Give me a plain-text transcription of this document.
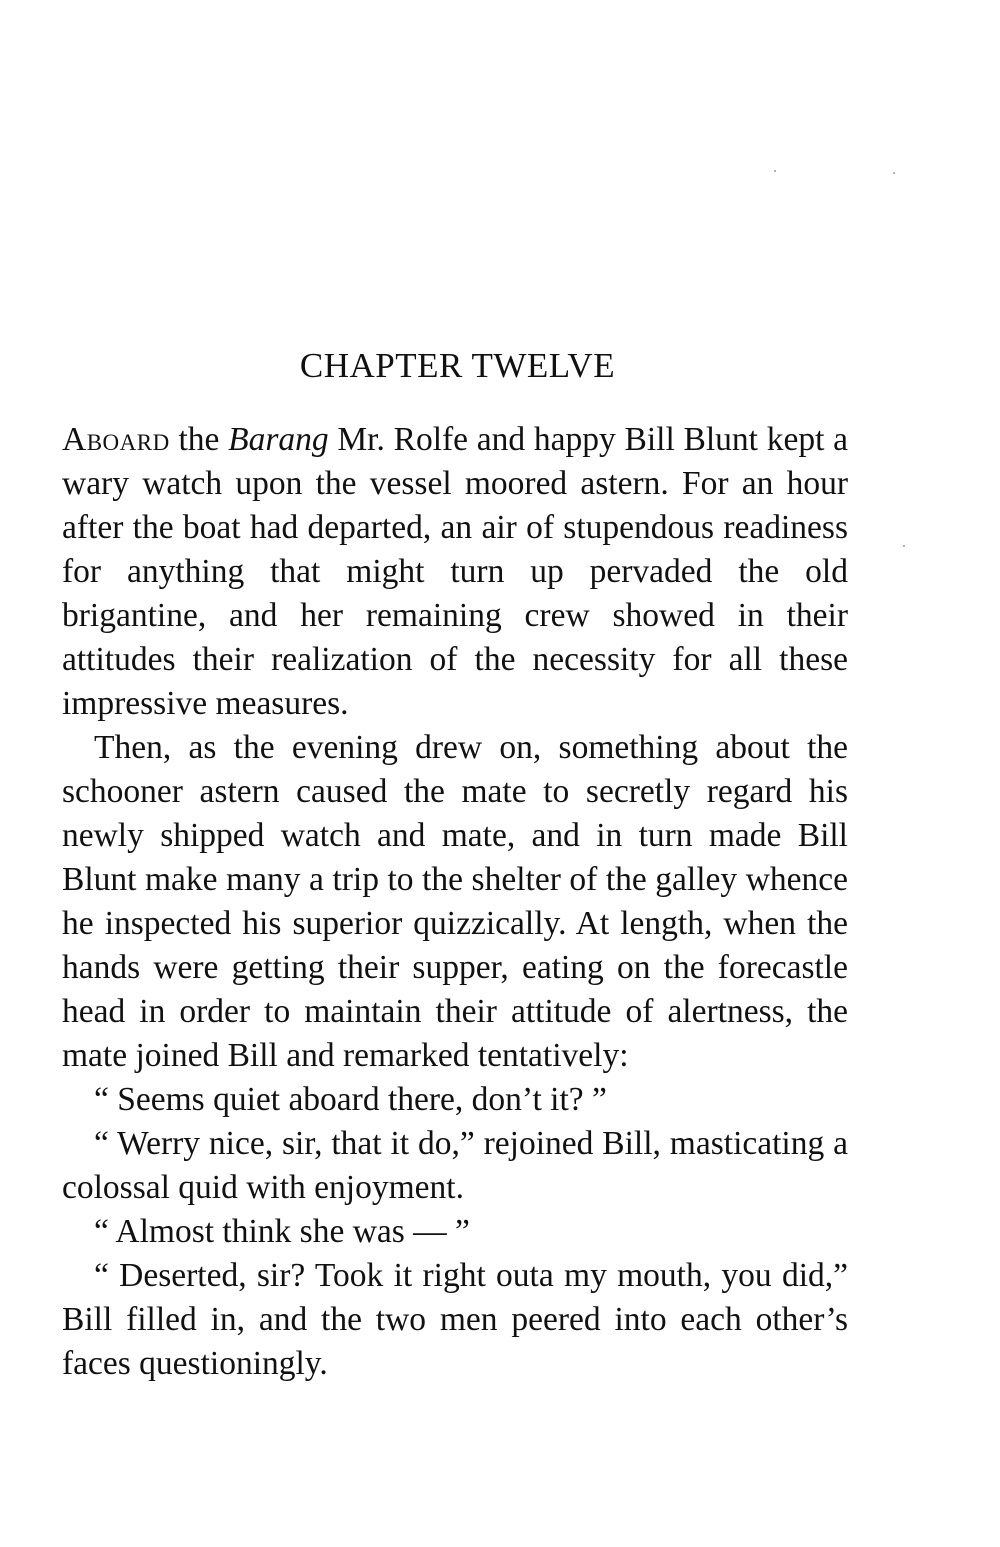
CHAPTER TWELVE

Aboard the Barang Mr. Rolfe and happy Bill Blunt kept a wary watch upon the vessel moored astern. For an hour after the boat had departed, an air of stupendous readiness for anything that might turn up pervaded the old brigantine, and her remaining crew showed in their attitudes their realization of the necessity for all these impressive measures.

Then, as the evening drew on, something about the schooner astern caused the mate to secretly regard his newly shipped watch and mate, and in turn made Bill Blunt make many a trip to the shelter of the galley whence he inspected his superior quizzically. At length, when the hands were getting their supper, eating on the forecastle head in order to maintain their attitude of alertness, the mate joined Bill and remarked tentatively:

“ Seems quiet aboard there, don’t it? ”

“ Werry nice, sir, that it do,” rejoined Bill, masticating a colossal quid with enjoyment.

“ Almost think she was — ”

“ Deserted, sir? Took it right outa my mouth, you did,” Bill filled in, and the two men peered into each other’s faces questioningly.
